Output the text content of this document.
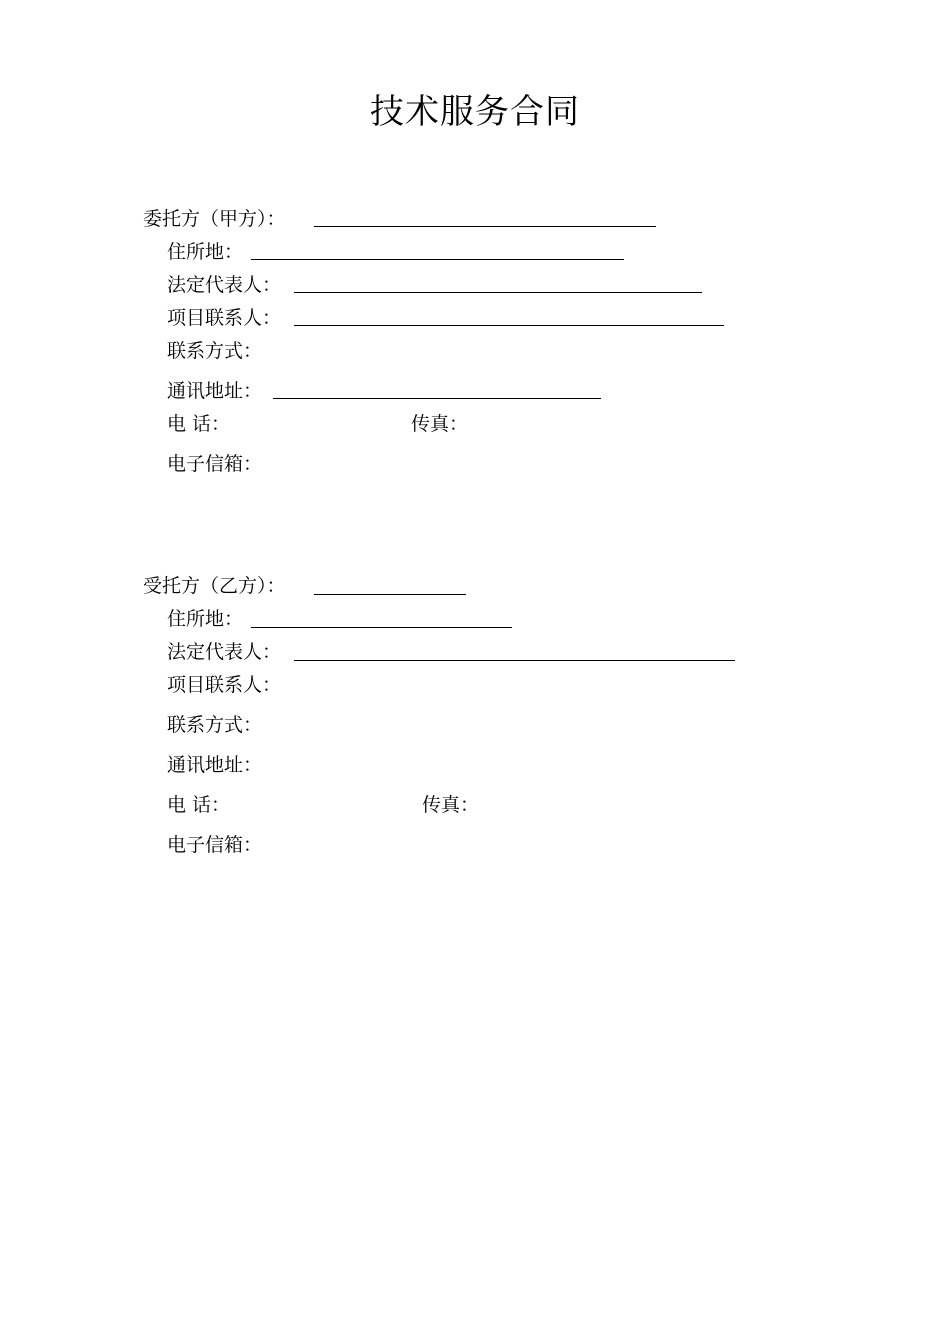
技术服务合同
委托方（甲方）：
住所地：
法定代表人：
项目联系人：
联系方式：
通讯地址：
电 话：	传真：
电子信箱：
受托方（乙方）：
住所地：
法定代表人：
项目联系人：
联系方式：
通讯地址：
电 话：	传真：
电子信箱：
